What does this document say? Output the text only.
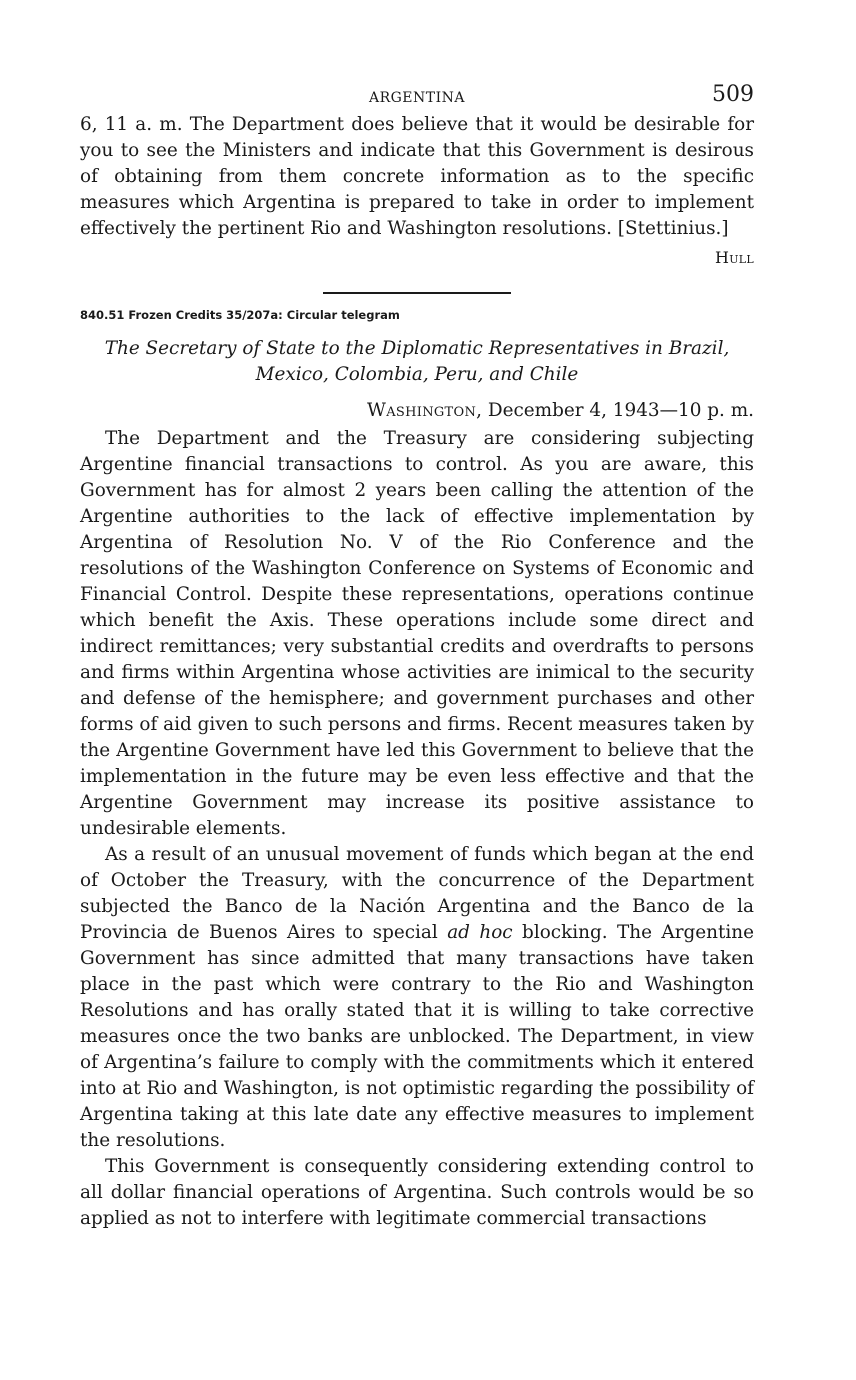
ARGENTINA	509

6, 11 a. m. The Department does believe that it would be desirable for you to see the Ministers and indicate that this Government is desirous of obtaining from them concrete information as to the specific measures which Argentina is prepared to take in order to implement effectively the pertinent Rio and Washington resolutions. [Stettinius.]

Hull
840.51 Frozen Credits 35/207a: Circular telegram
The Secretary of State to the Diplomatic Representatives in Brazil,
Mexico, Colombia, Peru, and Chile
Washington, December 4, 1943—10 p. m.

The Department and the Treasury are considering subjecting Argentine financial transactions to control. As you are aware, this Government has for almost 2 years been calling the attention of the Argentine authorities to the lack of effective implementation by Argentina of Resolution No. V of the Rio Conference and the resolutions of the Washington Conference on Systems of Economic and Financial Control. Despite these representations, operations continue which benefit the Axis. These operations include some direct and indirect remittances; very substantial credits and overdrafts to persons and firms within Argentina whose activities are inimical to the security and defense of the hemisphere; and government purchases and other forms of aid given to such persons and firms. Recent measures taken by the Argentine Government have led this Government to believe that the implementation in the future may be even less effective and that the Argentine Government may increase its positive assistance to undesirable elements.

As a result of an unusual movement of funds which began at the end of October the Treasury, with the concurrence of the Department subjected the Banco de la Nación Argentina and the Banco de la Provincia de Buenos Aires to special ad hoc blocking. The Argentine Government has since admitted that many transactions have taken place in the past which were contrary to the Rio and Washington Resolutions and has orally stated that it is willing to take corrective measures once the two banks are unblocked. The Department, in view of Argentina’s failure to comply with the commitments which it entered into at Rio and Washington, is not optimistic regarding the possibility of Argentina taking at this late date any effective measures to implement the resolutions.

This Government is consequently considering extending control to all dollar financial operations of Argentina. Such controls would be so applied as not to interfere with legitimate commercial transactions
